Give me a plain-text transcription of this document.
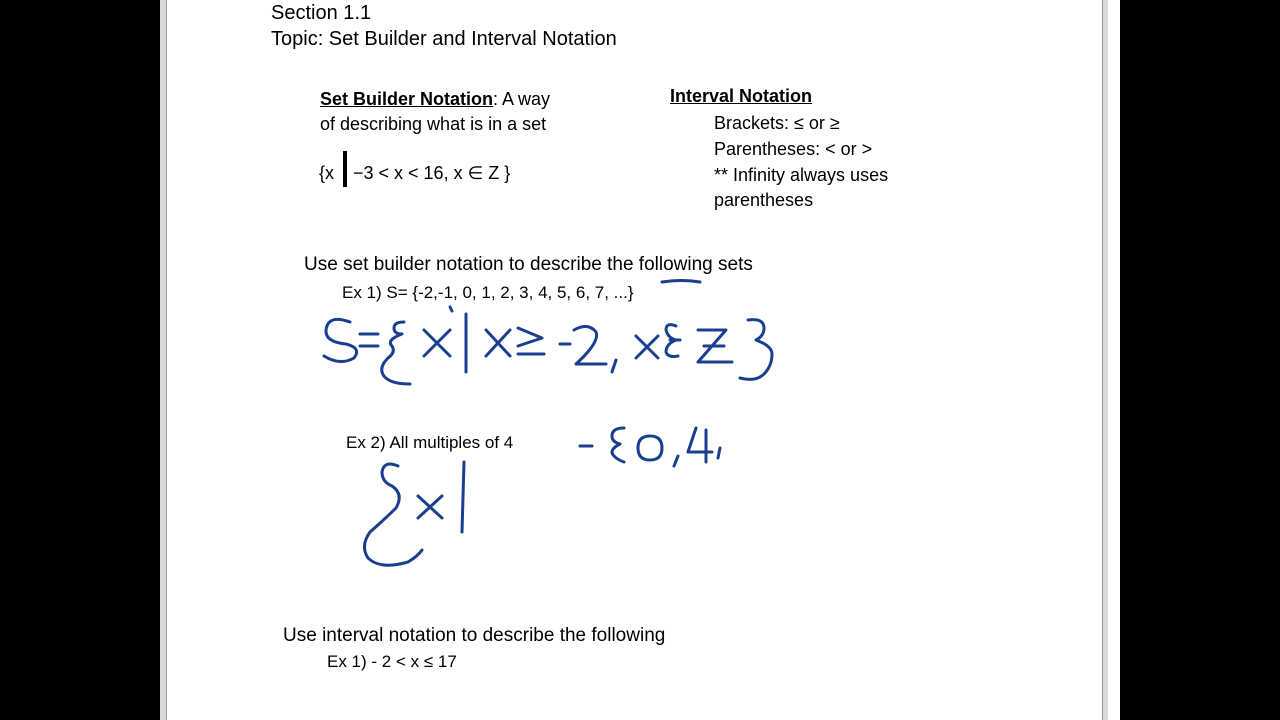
Section 1.1
Topic: Set Builder and Interval Notation
Set Builder Notation: A way
of describing what is in a set
{x −3 < x < 16, x ∈ Z }
Interval Notation
Brackets: ≤ or ≥
Parentheses: < or >
** Infinity always uses
parentheses
Use set builder notation to describe the following sets
Ex 1) S= {-2,-1, 0, 1, 2, 3, 4, 5, 6, 7, ...}
Ex 2) All multiples of 4
Use interval notation to describe the following
Ex 1) - 2 < x ≤ 17
